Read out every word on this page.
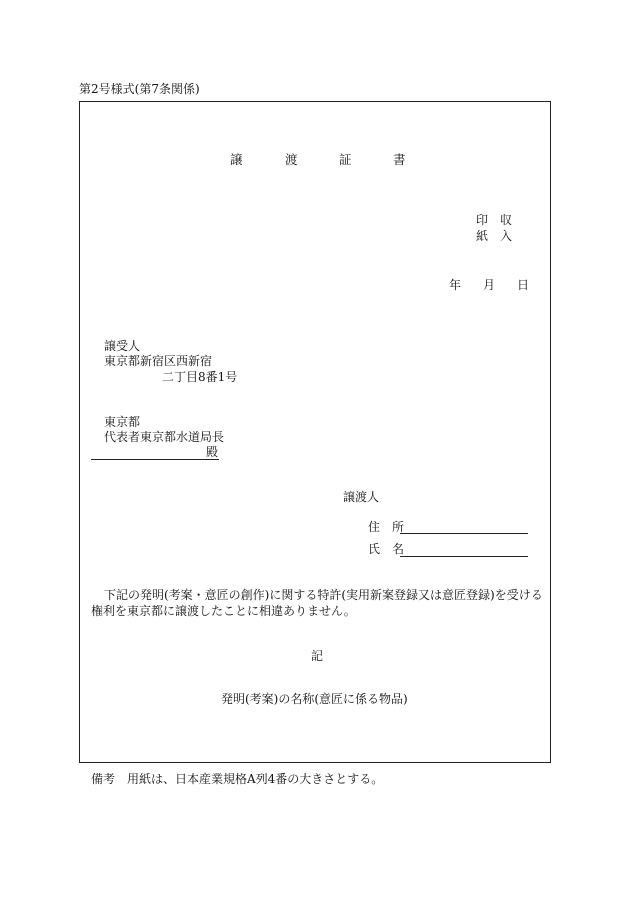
第2号様式(第7条関係)
譲	渡	証	書
印　収
紙　入
年 月 日
譲受人
東京都新宿区西新宿
二丁目8番1号
東京都
代表者東京都水道局長
殿
譲渡人
住　所
氏　名
下記の発明(考案・意匠の創作)に関する特許(実用新案登録又は意匠登録)を受ける
権利を東京都に譲渡したことに相違ありません。
記
発明(考案)の名称(意匠に係る物品)
備考　用紙は、日本産業規格A列4番の大きさとする。
